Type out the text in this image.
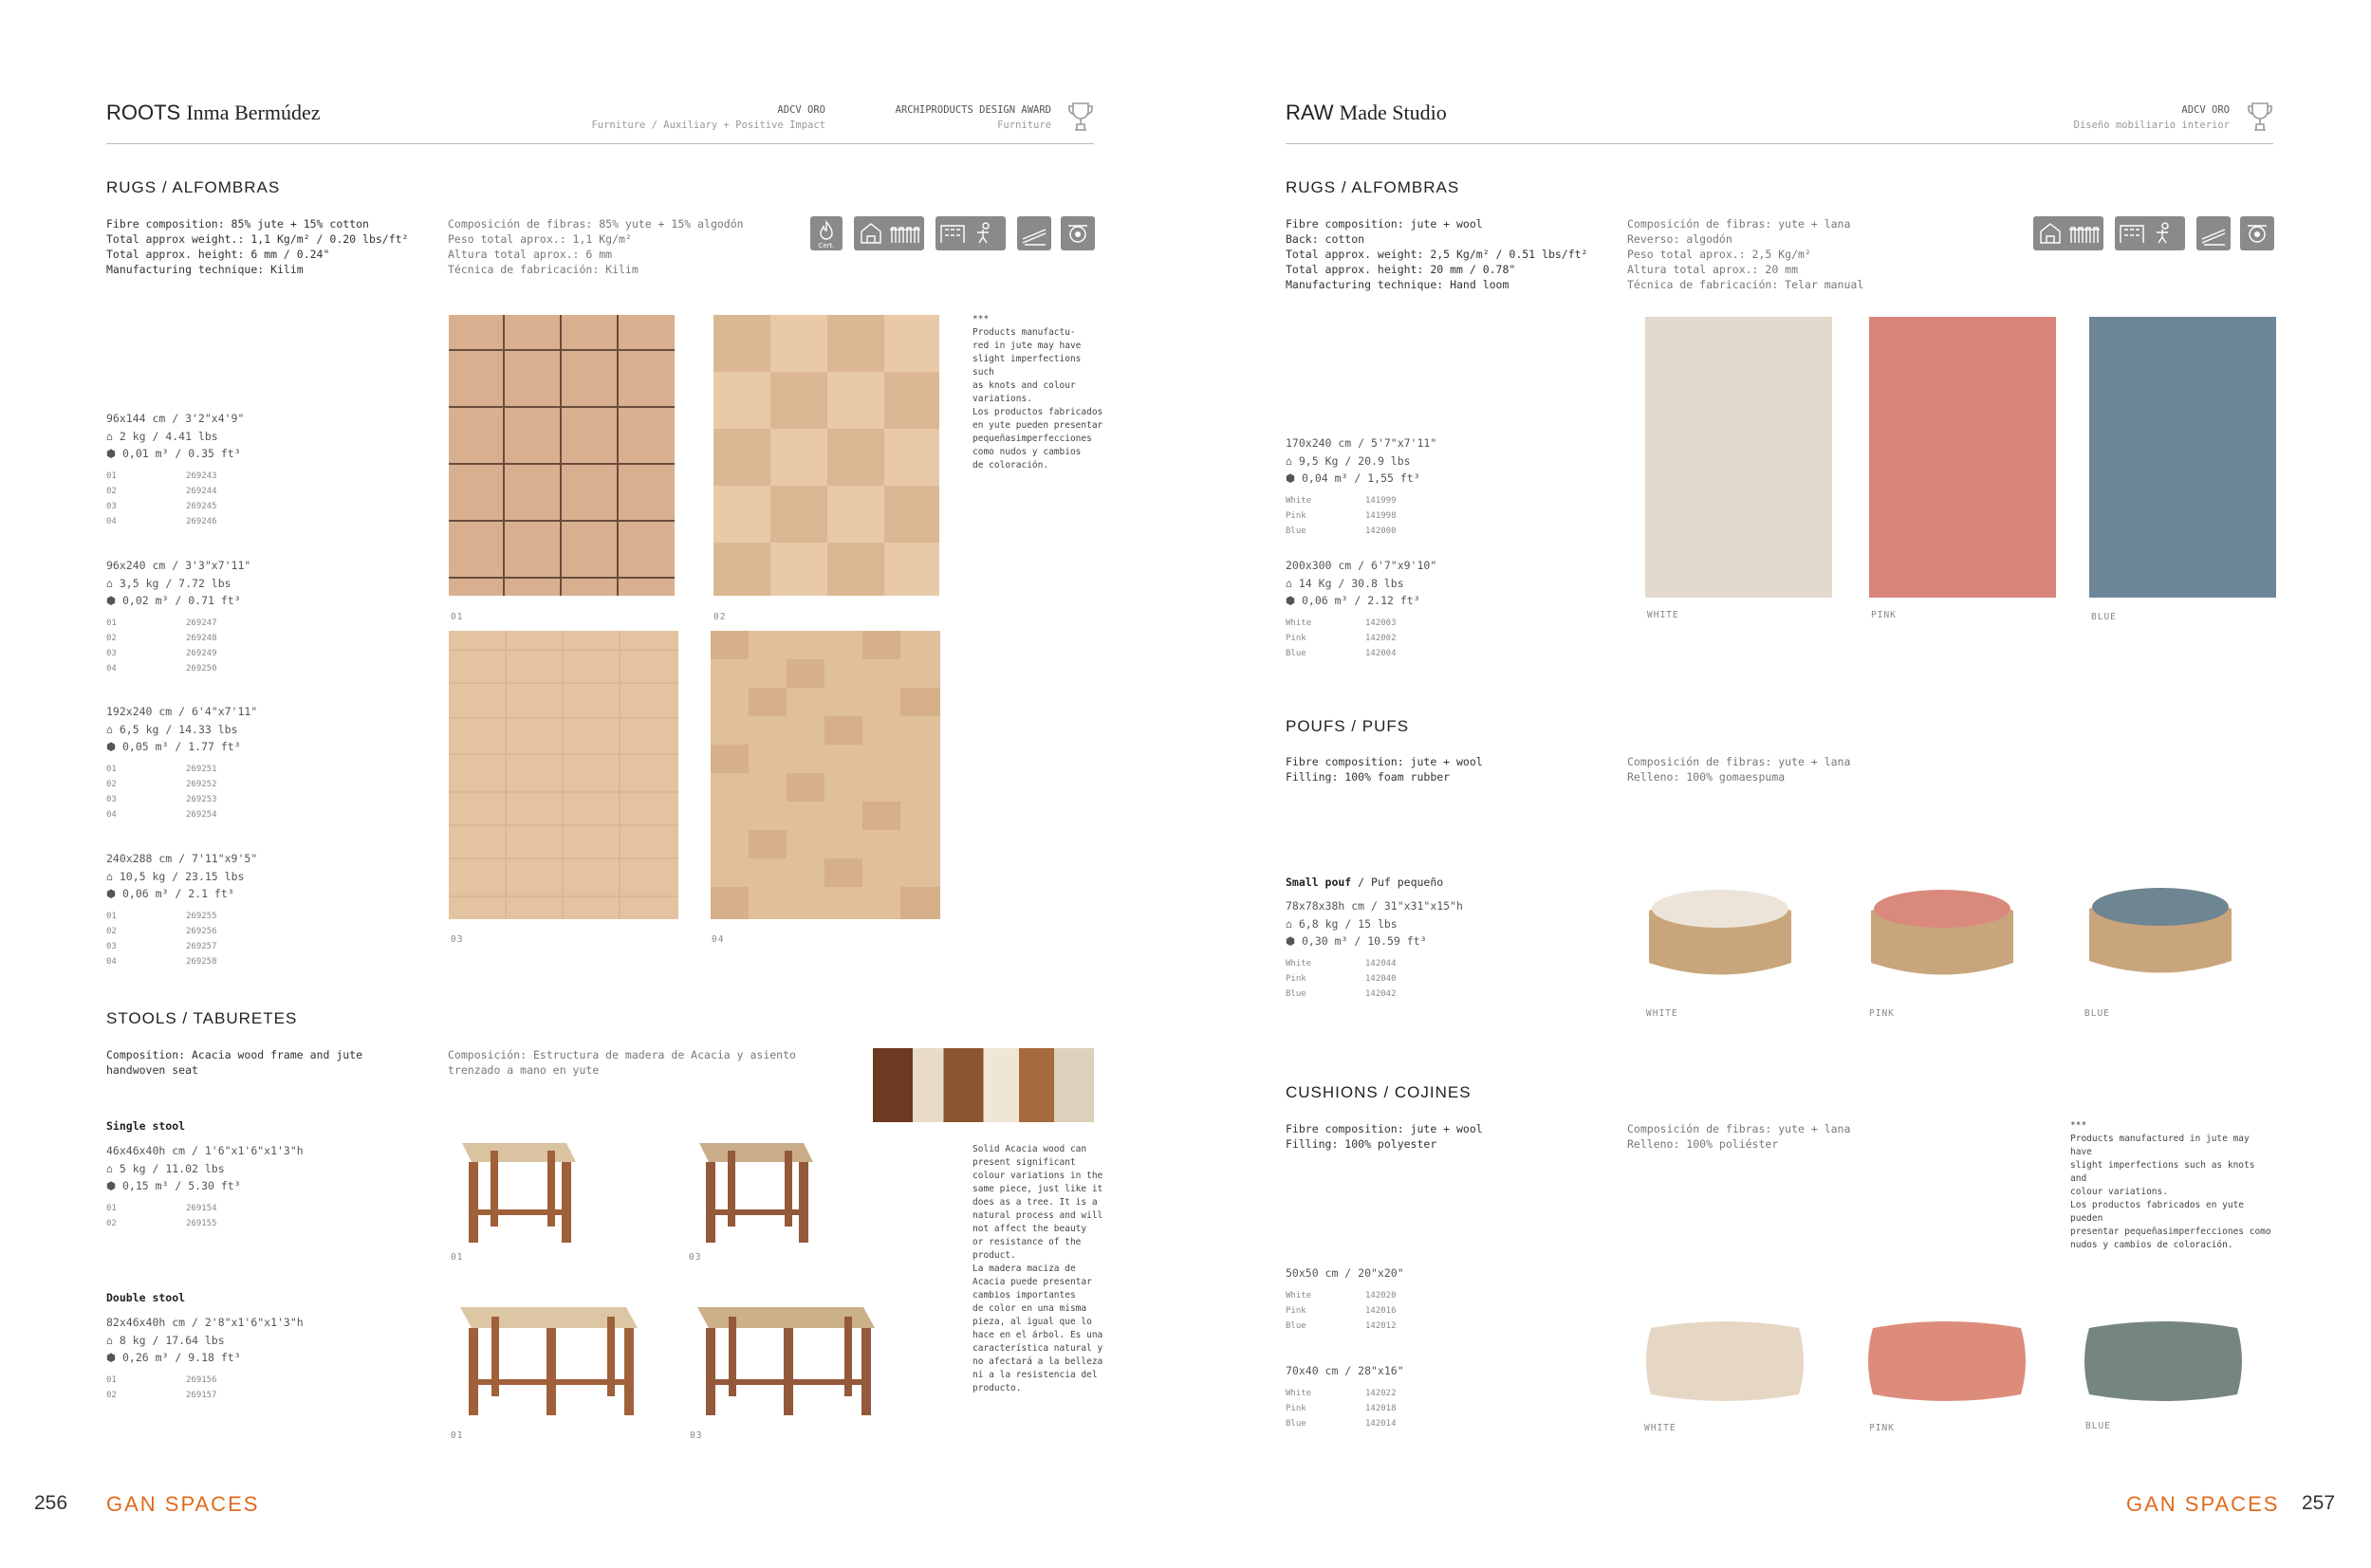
ROOTS Inma Bermúdez	ADCV ORO
Furniture / Auxiliary + Positive Impact
ARCHIPRODUCTS DESIGN AWARD
Furniture
RUGS / ALFOMBRAS
Fibre composition: 85% jute + 15% cotton
Total approx weight.: 1,1 Kg/m² / 0.20 lbs/ft²
Total approx. height: 6 mm / 0.24"
Manufacturing technique: Kilim
Composición de fibras: 85% yute + 15% algodón
Peso total aprox.: 1,1 Kg/m²
Altura total aprox.: 6 mm
Técnica de fabricación: Kilim
Cert.
96x144 cm / 3'2"x4'9"
⌂ 2 kg / 4.41 lbs
⬢ 0,01 m³ / 0.35 ft³
01	269243
02	269244
03	269245
04	269246
96x240 cm / 3'3"x7'11"
⌂ 3,5 kg / 7.72 lbs
⬢ 0,02 m³ / 0.71 ft³
01	269247
02	269248
03	269249
04	269250
192x240 cm / 6'4"x7'11"
⌂ 6,5 kg / 14.33 lbs
⬢ 0,05 m³ / 1.77 ft³
01	269251
02	269252
03	269253
04	269254
240x288 cm / 7'11"x9'5"
⌂ 10,5 kg / 23.15 lbs
⬢ 0,06 m³ / 2.1 ft³
01	269255
02	269256
03	269257
04	269258
01	02
03	04
***
Products manufactu-
red in jute may have
slight imperfections such
as knots and colour
variations.
Los productos fabricados
en yute pueden presentar
pequeñasimperfecciones
como nudos y cambios
de coloración.
STOOLS / TABURETES
Composition: Acacia wood frame and jute
handwoven seat
Composición: Estructura de madera de Acacia y asiento
trenzado a mano en yute
Single stool
46x46x40h cm / 1'6"x1'6"x1'3"h
⌂ 5 kg / 11.02 lbs
⬢ 0,15 m³ / 5.30 ft³
01	269154
02	269155
Double stool
82x46x40h cm / 2'8"x1'6"x1'3"h
⌂ 8 kg / 17.64 lbs
⬢ 0,26 m³ / 9.18 ft³
01	269156
02	269157
01	03
01	03
Solid Acacia wood can
present significant
colour variations in the
same piece, just like it
does as a tree. It is a
natural process and will
not affect the beauty
or resistance of the
product.
La madera maciza de
Acacia puede presentar
cambios importantes
de color en una misma
pieza, al igual que lo
hace en el árbol. Es una
característica natural y
no afectará a la belleza
ni a la resistencia del
producto.
256 GAN SPACES
RAW Made Studio	ADCV ORO
Diseño mobiliario interior
RUGS / ALFOMBRAS
Fibre composition: jute + wool
Back: cotton
Total approx. weight: 2,5 Kg/m² / 0.51 lbs/ft²
Total approx. height: 20 mm / 0.78"
Manufacturing technique: Hand loom
Composición de fibras: yute + lana
Reverso: algodón
Peso total aprox.: 2,5 Kg/m²
Altura total aprox.: 20 mm
Técnica de fabricación: Telar manual
170x240 cm / 5'7"x7'11"
⌂ 9,5 Kg / 20.9 lbs
⬢ 0,04 m³ / 1,55 ft³
White	141999
Pink	141998
Blue	142000
200x300 cm / 6'7"x9'10"
⌂ 14 Kg / 30.8 lbs
⬢ 0,06 m³ / 2.12 ft³
White	142003
Pink	142002
Blue	142004
WHITE	PINK	BLUE
POUFS / PUFS
Fibre composition: jute + wool
Filling: 100% foam rubber
Composición de fibras: yute + lana
Relleno: 100% gomaespuma
Small pouf / Puf pequeño
78x78x38h cm / 31"x31"x15"h
⌂ 6,8 kg / 15 lbs
⬢ 0,30 m³ / 10.59 ft³
White	142044
Pink	142040
Blue	142042
WHITE	PINK	BLUE
CUSHIONS / COJINES
Fibre composition: jute + wool
Filling: 100% polyester
Composición de fibras: yute + lana
Relleno: 100% poliéster
***
Products manufactured in jute may have
slight imperfections such as knots and
colour variations.
Los productos fabricados en yute pueden
presentar pequeñasimperfecciones como
nudos y cambios de coloración.
50x50 cm / 20"x20"
White	142020
Pink	142016
Blue	142012
70x40 cm / 28"x16"
White	142022
Pink	142018
Blue	142014	WHITE	PINK	BLUE
GAN SPACES 257
